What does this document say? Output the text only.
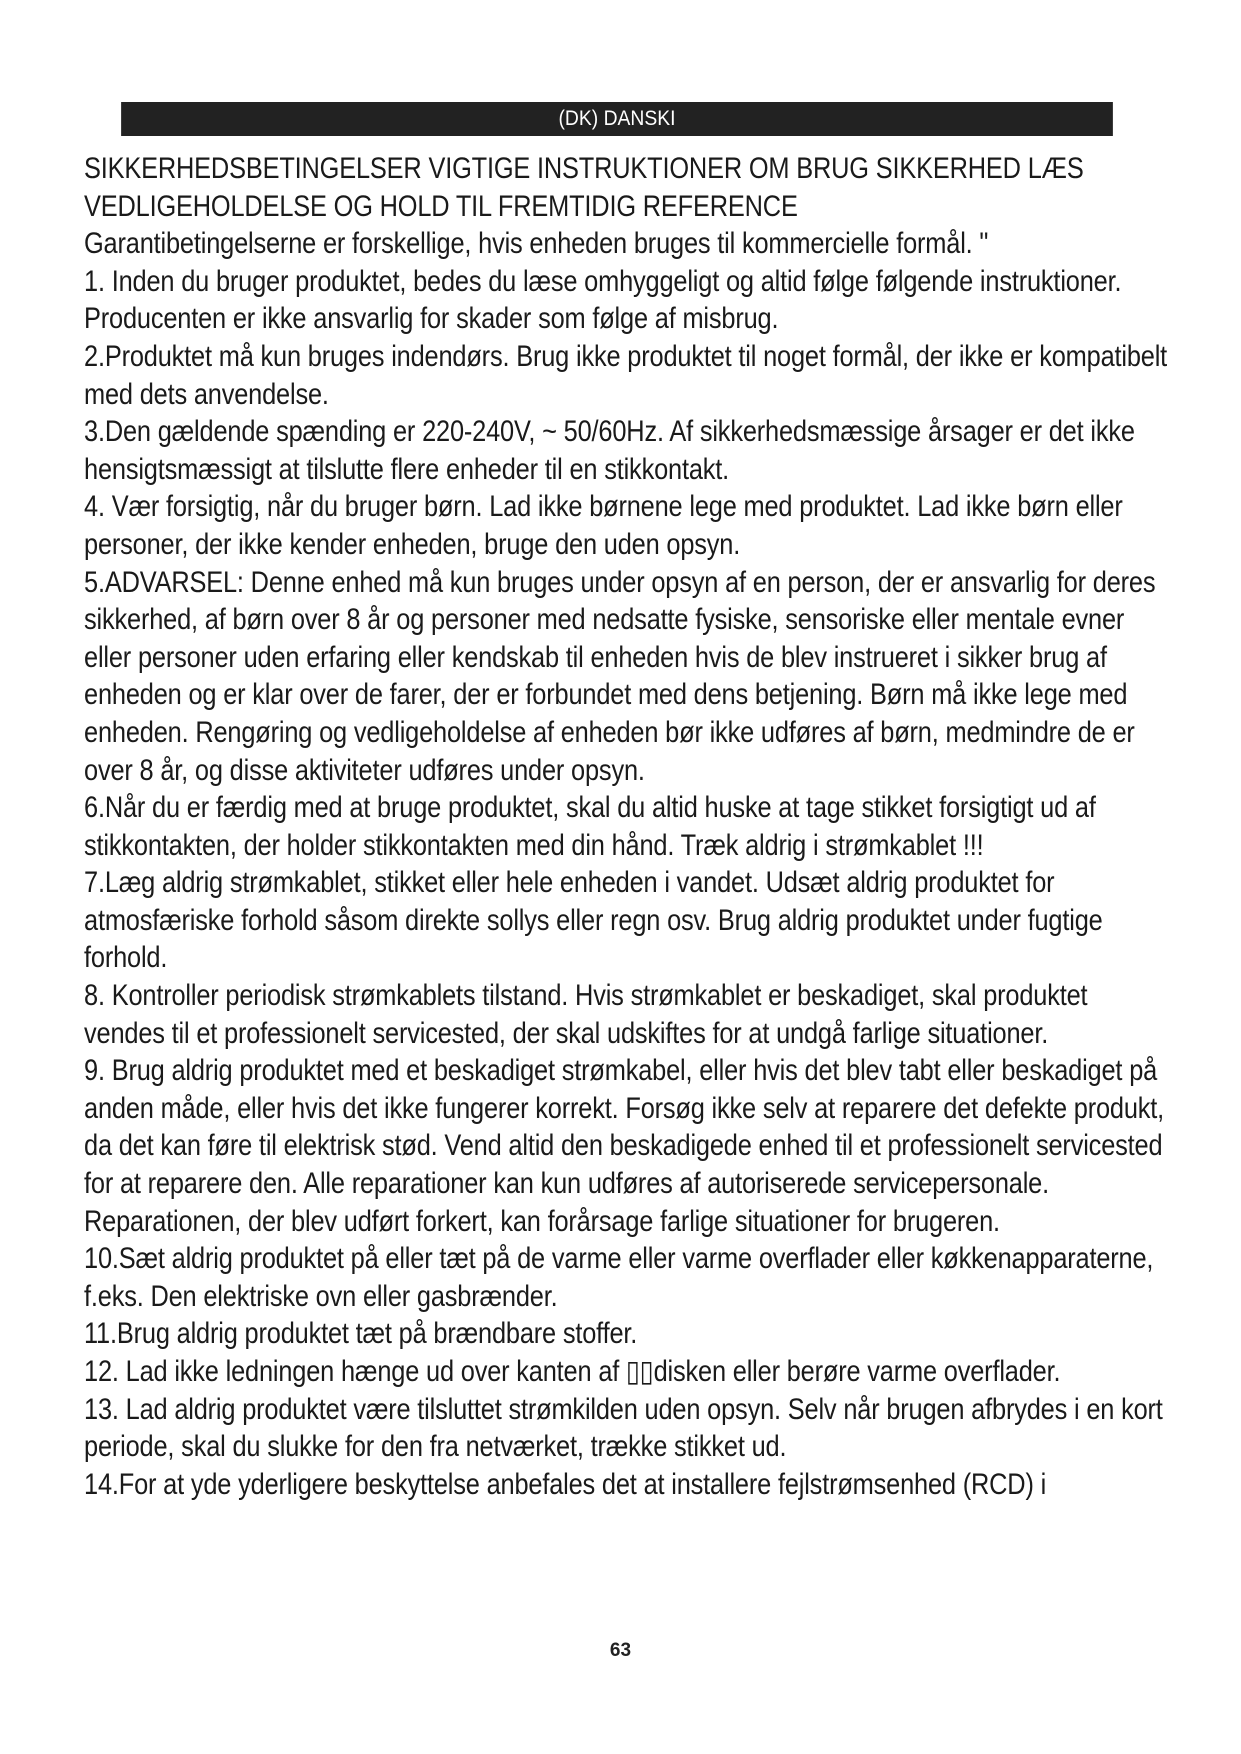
(DK) DANSKI

SIKKERHEDSBETINGELSER VIGTIGE INSTRUKTIONER OM BRUG SIKKERHED LÆS VEDLIGEHOLDELSE OG HOLD TIL FREMTIDIG REFERENCE

Garantibetingelserne er forskellige, hvis enheden bruges til kommercielle formål. "

1. Inden du bruger produktet, bedes du læse omhyggeligt og altid følge følgende instruktioner. Producenten er ikke ansvarlig for skader som følge af misbrug.

2.Produktet må kun bruges indendørs. Brug ikke produktet til noget formål, der ikke er kompatibelt med dets anvendelse.

3.Den gældende spænding er 220-240V, ~ 50/60Hz. Af sikkerhedsmæssige årsager er det ikke hensigtsmæssigt at tilslutte flere enheder til en stikkontakt.

4. Vær forsigtig, når du bruger børn. Lad ikke børnene lege med produktet. Lad ikke børn eller personer, der ikke kender enheden, bruge den uden opsyn.

5.ADVARSEL: Denne enhed må kun bruges under opsyn af en person, der er ansvarlig for deres sikkerhed, af børn over 8 år og personer med nedsatte fysiske, sensoriske eller mentale evner eller personer uden erfaring eller kendskab til enheden hvis de blev instrueret i sikker brug af enheden og er klar over de farer, der er forbundet med dens betjening. Børn må ikke lege med enheden. Rengøring og vedligeholdelse af enheden bør ikke udføres af børn, medmindre de er over 8 år, og disse aktiviteter udføres under opsyn.

6.Når du er færdig med at bruge produktet, skal du altid huske at tage stikket forsigtigt ud af stikkontakten, der holder stikkontakten med din hånd. Træk aldrig i strømkablet !!!

7.Læg aldrig strømkablet, stikket eller hele enheden i vandet. Udsæt aldrig produktet for atmosfæriske forhold såsom direkte sollys eller regn osv. Brug aldrig produktet under fugtige forhold.

8. Kontroller periodisk strømkablets tilstand. Hvis strømkablet er beskadiget, skal produktet vendes til et professionelt servicested, der skal udskiftes for at undgå farlige situationer.

9. Brug aldrig produktet med et beskadiget strømkabel, eller hvis det blev tabt eller beskadiget på anden måde, eller hvis det ikke fungerer korrekt. Forsøg ikke selv at reparere det defekte produkt, da det kan føre til elektrisk stød. Vend altid den beskadigede enhed til et professionelt servicested for at reparere den. Alle reparationer kan kun udføres af autoriserede servicepersonale. Reparationen, der blev udført forkert, kan forårsage farlige situationer for brugeren.

10.Sæt aldrig produktet på eller tæt på de varme eller varme overflader eller køkkenapparaterne, f.eks. Den elektriske ovn eller gasbrænder.

11.Brug aldrig produktet tæt på brændbare stoffer.

12. Lad ikke ledningen hænge ud over kanten af ▯▯disken eller berøre varme overflader.

13. Lad aldrig produktet være tilsluttet strømkilden uden opsyn. Selv når brugen afbrydes i en kort periode, skal du slukke for den fra netværket, trække stikket ud.

14.For at yde yderligere beskyttelse anbefales det at installere fejlstrømsenhed (RCD) i

63
